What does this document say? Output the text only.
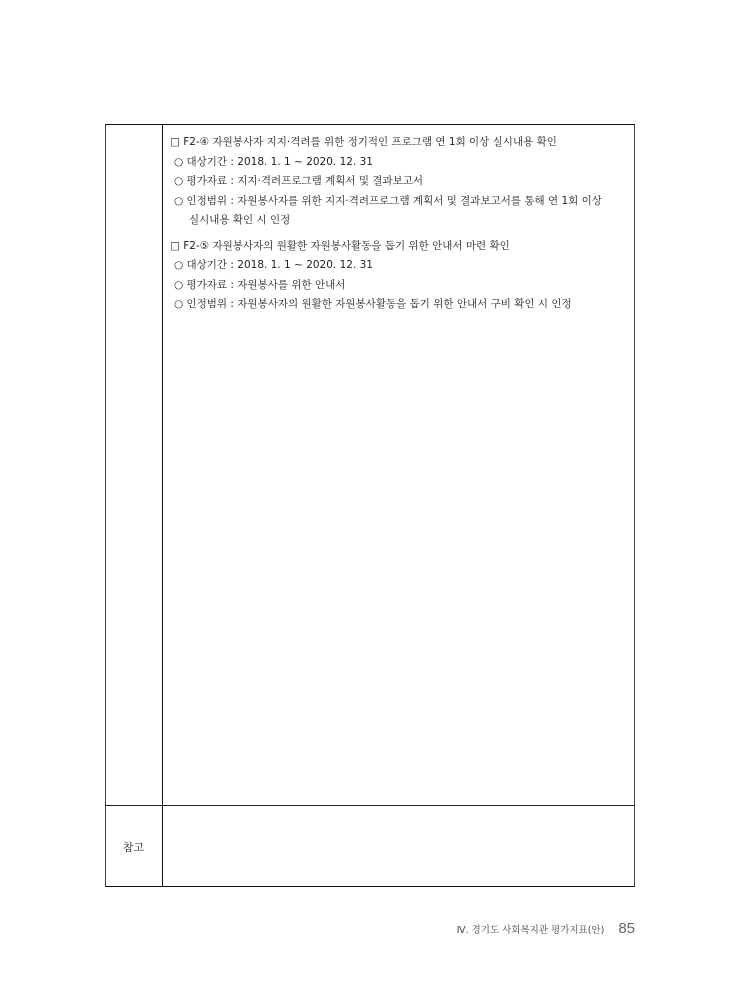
□ F2-④ 자원봉사자 지지·격려를 위한 정기적인 프로그램 연 1회 이상 실시내용 확인
○ 대상기간 : 2018. 1. 1 ~ 2020. 12. 31
○ 평가자료 : 지지·격려프로그램 계획서 및 결과보고서
○ 인정범위 : 자원봉사자를 위한 지지·격려프로그램 계획서 및 결과보고서를 통해 연 1회 이상
실시내용 확인 시 인정
□ F2-⑤ 자원봉사자의 원활한 자원봉사활동을 돕기 위한 안내서 마련 확인
○ 대상기간 : 2018. 1. 1 ~ 2020. 12. 31
○ 평가자료 : 자원봉사를 위한 안내서
○ 인정범위 : 자원봉사자의 원활한 자원봉사활동을 돕기 위한 안내서 구비 확인 시 인정
참고
Ⅳ. 경기도 사회복지관 평가지표(안) 85
